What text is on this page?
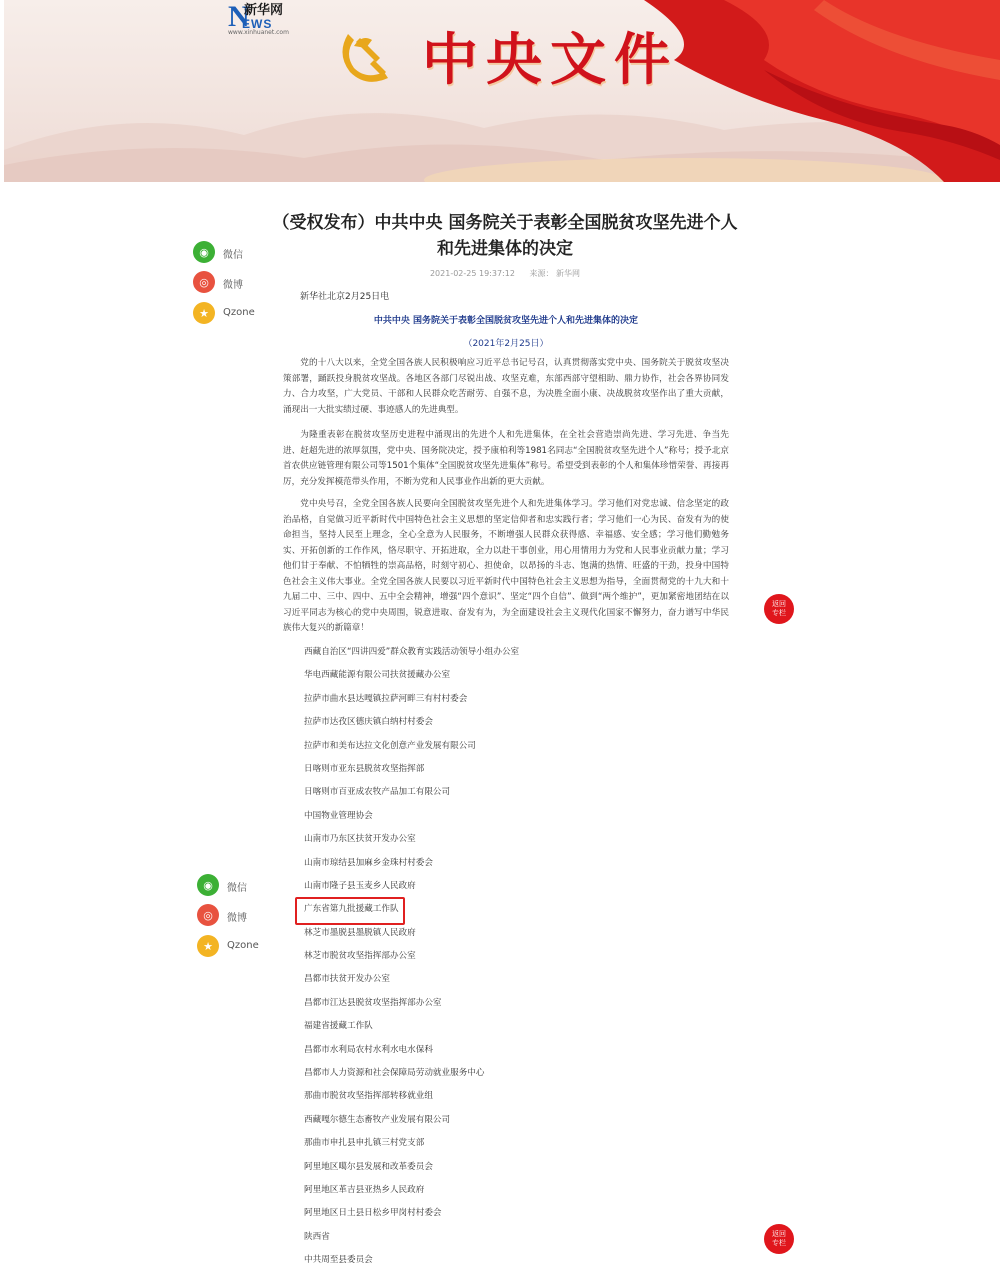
N
新华网
EWS
www.xinhuanet.com 中央文件
◉	微信
◎	微博
★	Qzone
◉	微信
◎	微博
★	Qzone
（受权发布）中共中央 国务院关于表彰全国脱贫攻坚先进个人和先进集体的决定
2021-02-25 19:37:12 来源： 新华网
新华社北京2月25日电
中共中央 国务院关于表彰全国脱贫攻坚先进个人和先进集体的决定
（2021年2月25日）

党的十八大以来，全党全国各族人民积极响应习近平总书记号召，认真贯彻落实党中央、国务院关于脱贫攻坚决策部署，踊跃投身脱贫攻坚战。各地区各部门尽锐出战、攻坚克难，东部西部守望相助、鼎力协作，社会各界协同发力、合力攻坚，广大党员、干部和人民群众吃苦耐劳、自强不息，为决胜全面小康、决战脱贫攻坚作出了重大贡献，涌现出一大批实绩过硬、事迹感人的先进典型。

为隆重表彰在脱贫攻坚历史进程中涌现出的先进个人和先进集体，在全社会营造崇尚先进、学习先进、争当先进、赶超先进的浓厚氛围，党中央、国务院决定，授予康柏利等1981名同志“全国脱贫攻坚先进个人”称号；授予北京首农供应链管理有限公司等1501个集体“全国脱贫攻坚先进集体”称号。希望受到表彰的个人和集体珍惜荣誉、再接再厉，充分发挥模范带头作用，不断为党和人民事业作出新的更大贡献。

党中央号召，全党全国各族人民要向全国脱贫攻坚先进个人和先进集体学习。学习他们对党忠诚、信念坚定的政治品格，自觉做习近平新时代中国特色社会主义思想的坚定信仰者和忠实践行者；学习他们一心为民、奋发有为的使命担当，坚持人民至上理念，全心全意为人民服务，不断增强人民群众获得感、幸福感、安全感；学习他们勤勉务实、开拓创新的工作作风，恪尽职守、开拓进取，全力以赴干事创业，用心用情用力为党和人民事业贡献力量；学习他们甘于奉献、不怕牺牲的崇高品格，时刻守初心、担使命，以昂扬的斗志、饱满的热情、旺盛的干劲，投身中国特色社会主义伟大事业。全党全国各族人民要以习近平新时代中国特色社会主义思想为指导，全面贯彻党的十九大和十九届二中、三中、四中、五中全会精神，增强“四个意识”、坚定“四个自信”、做到“两个维护”，更加紧密地团结在以习近平同志为核心的党中央周围，锐意进取、奋发有为，为全面建设社会主义现代化国家不懈努力，奋力谱写中华民族伟大复兴的新篇章！

西藏自治区“四讲四爱”群众教育实践活动领导小组办公室
华电西藏能源有限公司扶贫援藏办公室
拉萨市曲水县达嘎镇拉萨河畔三有村村委会
拉萨市达孜区德庆镇白纳村村委会
拉萨市和美布达拉文化创意产业发展有限公司
日喀则市亚东县脱贫攻坚指挥部
日喀则市百亚成农牧产品加工有限公司
中国物业管理协会
山南市乃东区扶贫开发办公室
山南市琼结县加麻乡金珠村村委会
山南市隆子县玉麦乡人民政府
广东省第九批援藏工作队
林芝市墨脱县墨脱镇人民政府
林芝市脱贫攻坚指挥部办公室
昌都市扶贫开发办公室
昌都市江达县脱贫攻坚指挥部办公室
福建省援藏工作队
昌都市水利局农村水利水电水保科
昌都市人力资源和社会保障局劳动就业服务中心
那曲市脱贫攻坚指挥部转移就业组
西藏嘎尔德生态畜牧产业发展有限公司
那曲市申扎县申扎镇三村党支部
阿里地区噶尔县发展和改革委员会
阿里地区革吉县亚热乡人民政府
阿里地区日土县日松乡甲岗村村委会
陕西省
中共周至县委员会
返回
专栏
返回
专栏
